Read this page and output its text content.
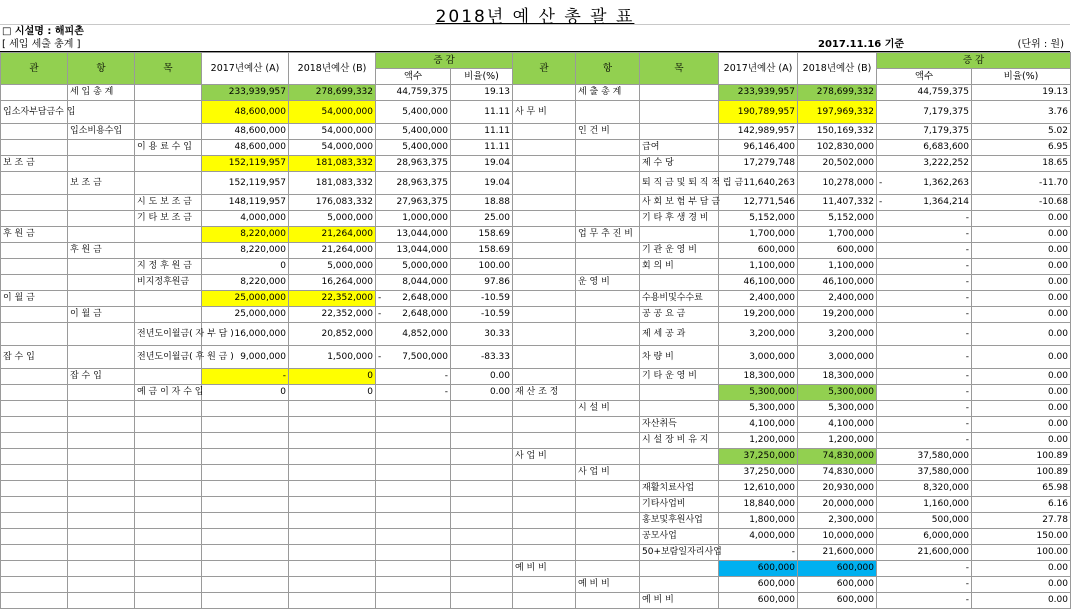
2018년 예 산 총 괄 표
□ 시설명 : 해피촌
[ 세입 세출 총계 ]	2017.11.16 기준	(단위 : 원)
관	항	목	2017년예산 (A)	2018년예산 (B)	증 감		관	항	목	2017년예산 (A)	2018년예산 (B)	증 감	
					액수	비율(%)						액수	비율(%)
	세 입 총 계		233,939,957	278,699,332	44,759,375	19.13		세 출 총 계		233,939,957	278,699,332	44,759,375	19.13
입소자부담금수 입			48,600,000	54,000,000	5,400,000	11.11	사 무 비			190,789,957	197,969,332	7,179,375	3.76
	입소비용수입		48,600,000	54,000,000	5,400,000	11.11		인 건 비		142,989,957	150,169,332	7,179,375	5.02
		이 용 료 수 입	48,600,000	54,000,000	5,400,000	11.11			급여	96,146,400	102,830,000	6,683,600	6.95
보 조 금			152,119,957	181,083,332	28,963,375	19.04			제 수 당	17,279,748	20,502,000	3,222,252	18.65
	보 조 금		152,119,957	181,083,332	28,963,375	19.04			퇴 직 금 및 퇴 직 적 립 금	11,640,263	10,278,000	- 1,362,263	-11.70
		시 도 보 조 금	148,119,957	176,083,332	27,963,375	18.88			사 회 보 험 부 담 금	12,771,546	11,407,332	- 1,364,214	-10.68
		기 타 보 조 금	4,000,000	5,000,000	1,000,000	25.00			기 타 후 생 경 비	5,152,000	5,152,000	-	0.00
후 원 금			8,220,000	21,264,000	13,044,000	158.69		업 무 추 진 비		1,700,000	1,700,000	-	0.00
	후 원 금		8,220,000	21,264,000	13,044,000	158.69			기 관 운 영 비	600,000	600,000	-	0.00
		지 정 후 원 금	0	5,000,000	5,000,000	100.00			회 의 비	1,100,000	1,100,000	-	0.00
		비지정후원금	8,220,000	16,264,000	8,044,000	97.86		운 영 비		46,100,000	46,100,000	-	0.00
이 월 금			25,000,000	22,352,000	- 2,648,000	-10.59			수용비및수수료	2,400,000	2,400,000	-	0.00
	이 월 금		25,000,000	22,352,000	- 2,648,000	-10.59			공 공 요 금	19,200,000	19,200,000	-	0.00
		전년도이월금( 자 부 담 )	16,000,000	20,852,000	4,852,000	30.33			제 세 공 과	3,200,000	3,200,000	-	0.00
잡 수 입		전년도이월금( 후 원 금 )	9,000,000	1,500,000	- 7,500,000	-83.33			차 량 비	3,000,000	3,000,000	-	0.00
	잡 수 입		-	0	-	0.00			기 타 운 영 비	18,300,000	18,300,000	-	0.00
		예 금 이 자 수 입	0	0	-	0.00	재 산 조 정			5,300,000	5,300,000	-	0.00
								시 설 비		5,300,000	5,300,000	-	0.00
									자산취득	4,100,000	4,100,000	-	0.00
									시 설 장 비 유 지	1,200,000	1,200,000	-	0.00
							사 업 비			37,250,000	74,830,000	37,580,000	100.89
								사 업 비		37,250,000	74,830,000	37,580,000	100.89
									재활치료사업	12,610,000	20,930,000	8,320,000	65.98
									기타사업비	18,840,000	20,000,000	1,160,000	6.16
									홍보및후원사업	1,800,000	2,300,000	500,000	27.78
									공모사업	4,000,000	10,000,000	6,000,000	150.00
									50+보람일자리사업	-	21,600,000	21,600,000	100.00
							예 비 비			600,000	600,000	-	0.00
								예 비 비		600,000	600,000	-	0.00
									예 비 비	600,000	600,000	-	0.00
